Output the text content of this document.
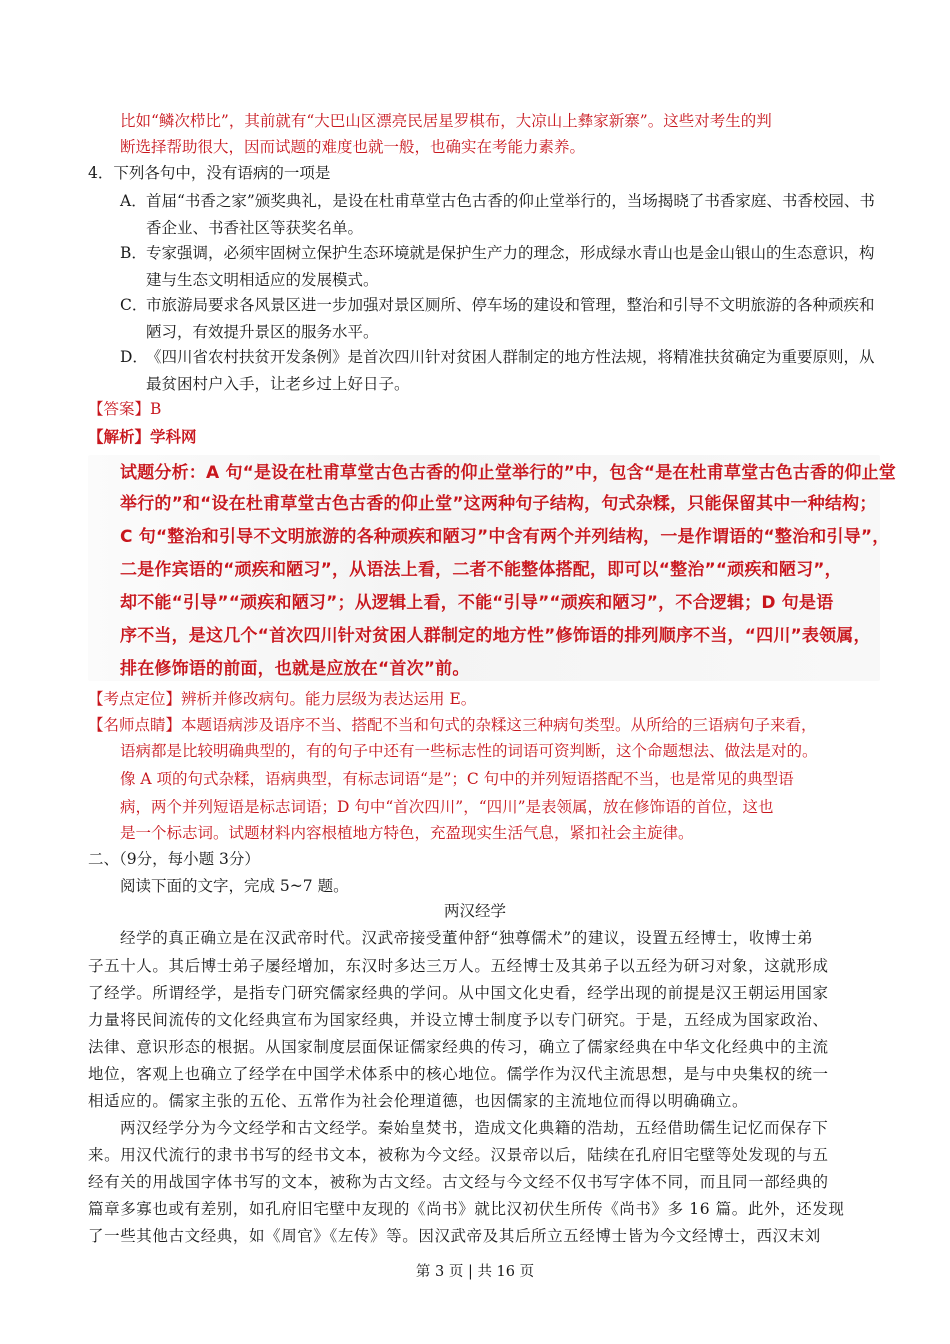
比如“鳞次栉比”，其前就有“大巴山区漂亮民居星罗棋布，大凉山上彝家新寨”。这些对考生的判
断选择帮助很大，因而试题的难度也就一般，也确实在考能力素养。
4．下列各句中，没有语病的一项是
A． 首届“书香之家”颁奖典礼，是设在杜甫草堂古色古香的仰止堂举行的，当场揭晓了书香家庭、书香校园、书香企业、书香社区等获奖名单。
B． 专家强调，必须牢固树立保护生态环境就是保护生产力的理念，形成绿水青山也是金山银山的生态意识，构建与生态文明相适应的发展模式。
C．
市旅游局要求各风景区进一步加强对景区厕所、停车场的建设和管理，整治和引导不文明旅游的各种顽疾和陋习，有效提升景区的服务水平。
D．
《四川省农村扶贫开发条例》是首次四川针对贫困人群制定的地方性法规，将精准扶贫确定为重要原则，从最贫困村户入手，让老乡过上好日子。
【答案】B
【解析】学科网
试题分析：A 句“是设在杜甫草堂古色古香的仰止堂举行的”中，包含“是在杜甫草堂古色古香的仰止堂
举行的”和“设在杜甫草堂古色古香的仰止堂”这两种句子结构，句式杂糅，只能保留其中一种结构；
C 句“整治和引导不文明旅游的各种顽疾和陋习”中含有两个并列结构，一是作谓语的“整治和引导”，
二是作宾语的“顽疾和陋习”，从语法上看，二者不能整体搭配，即可以“整治”“顽疾和陋习”，
却不能“引导”“顽疾和陋习”；从逻辑上看，不能“引导”“顽疾和陋习”，不合逻辑；D 句是语
序不当，是这几个“首次四川针对贫困人群制定的地方性”修饰语的排列顺序不当，“四川”表领属，
排在修饰语的前面，也就是应放在“首次”前。
【考点定位】辨析并修改病句。能力层级为表达运用 E。
【名师点睛】本题语病涉及语序不当、搭配不当和句式的杂糅这三种病句类型。从所给的三语病句子来看，
语病都是比较明确典型的，有的句子中还有一些标志性的词语可资判断，这个命题想法、做法是对的。
像 A 项的句式杂糅，语病典型，有标志词语“是”；C 句中的并列短语搭配不当，也是常见的典型语
病，两个并列短语是标志词语；D 句中“首次四川”，“四川”是表领属，放在修饰语的首位，这也
是一个标志词。试题材料内容根植地方特色，充盈现实生活气息，紧扣社会主旋律。
二、（9分，每小题 3分）
阅读下面的文字，完成 5~7 题。
两汉经学
经学的真正确立是在汉武帝时代。汉武帝接受董仲舒“独尊儒术”的建议，设置五经博士，收博士弟
子五十人。其后博士弟子屡经增加，东汉时多达三万人。五经博士及其弟子以五经为研习对象，这就形成
了经学。所谓经学，是指专门研究儒家经典的学问。从中国文化史看，经学出现的前提是汉王朝运用国家
力量将民间流传的文化经典宣布为国家经典，并设立博士制度予以专门研究。于是，五经成为国家政治、
法律、意识形态的根据。从国家制度层面保证儒家经典的传习，确立了儒家经典在中华文化经典中的主流
地位，客观上也确立了经学在中国学术体系中的核心地位。儒学作为汉代主流思想，是与中央集权的统一
相适应的。儒家主张的五伦、五常作为社会伦理道德，也因儒家的主流地位而得以明确确立。
两汉经学分为今文经学和古文经学。秦始皇焚书，造成文化典籍的浩劫，五经借助儒生记忆而保存下
来。用汉代流行的隶书书写的经书文本，被称为今文经。汉景帝以后，陆续在孔府旧宅壁等处发现的与五
经有关的用战国字体书写的文本，被称为古文经。古文经与今文经不仅书写字体不同，而且同一部经典的
篇章多寡也或有差别，如孔府旧宅壁中友现的《尚书》就比汉初伏生所传《尚书》多 16 篇。此外，还发现
了一些其他古文经典，如《周官》《左传》等。因汉武帝及其后所立五经博士皆为今文经博士，西汉末刘
第 3 页 | 共 16 页
